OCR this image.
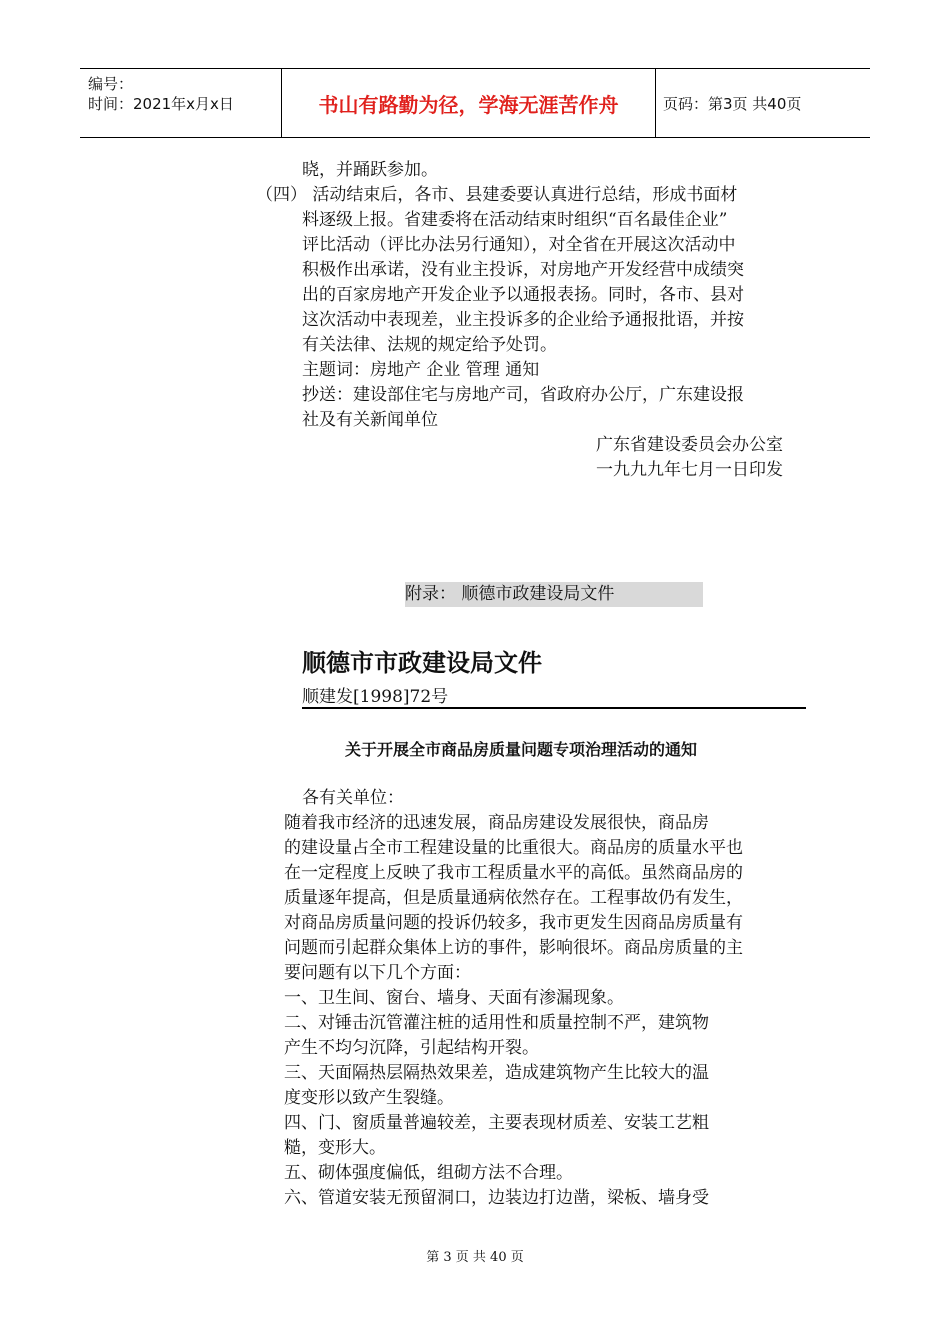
编号：
时间：2021年x月x日	书山有路勤为径，学海无涯苦作舟	页码：第3页 共40页
晓，并踊跃参加。
（四） 活动结束后，各市、县建委要认真进行总结，形成书面材
料逐级上报。省建委将在活动结束时组织“百名最佳企业”
评比活动（评比办法另行通知），对全省在开展这次活动中
积极作出承诺，没有业主投诉，对房地产开发经营中成绩突
出的百家房地产开发企业予以通报表扬。同时，各市、县对
这次活动中表现差，业主投诉多的企业给予通报批语，并按
有关法律、法规的规定给予处罚。
主题词：房地产 企业 管理 通知
抄送：建设部住宅与房地产司，省政府办公厅，广东建设报
社及有关新闻单位
广东省建设委员会办公室
一九九九年七月一日印发
附录： 顺德市政建设局文件
顺德市市政建设局文件
顺建发[1998]72号
关于开展全市商品房质量问题专项治理活动的通知
各有关单位：
随着我市经济的迅速发展，商品房建设发展很快，商品房
的建设量占全市工程建设量的比重很大。商品房的质量水平也
在一定程度上反映了我市工程质量水平的高低。虽然商品房的
质量逐年提高，但是质量通病依然存在。工程事故仍有发生，
对商品房质量问题的投诉仍较多，我市更发生因商品房质量有
问题而引起群众集体上访的事件，影响很坏。商品房质量的主
要问题有以下几个方面：
一、卫生间、窗台、墙身、天面有渗漏现象。
二、对锤击沉管灌注桩的适用性和质量控制不严，建筑物
产生不均匀沉降，引起结构开裂。
三、天面隔热层隔热效果差，造成建筑物产生比较大的温
度变形以致产生裂缝。
四、门、窗质量普遍较差，主要表现材质差、安装工艺粗
糙，变形大。
五、砌体强度偏低，组砌方法不合理。
六、管道安装无预留洞口，边装边打边凿，梁板、墙身受
第 3 页 共 40 页
